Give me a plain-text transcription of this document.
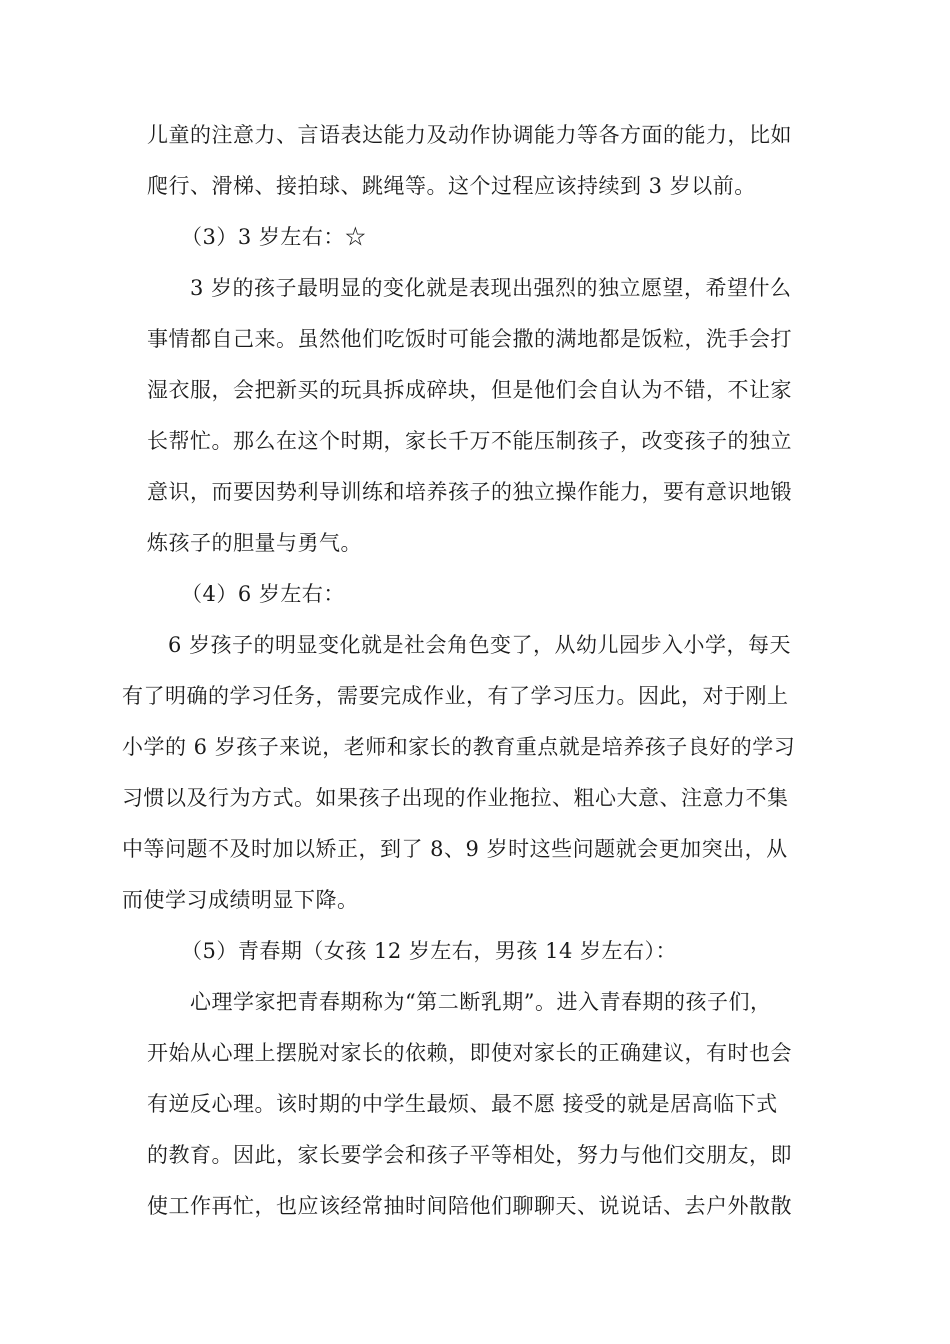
儿童的注意力、言语表达能力及动作协调能力等各方面的能力，比如
爬行、滑梯、接拍球、跳绳等。这个过程应该持续到 3 岁以前。
（3）3 岁左右：☆
3 岁的孩子最明显的变化就是表现出强烈的独立愿望，希望什么
事情都自己来。虽然他们吃饭时可能会撒的满地都是饭粒，洗手会打
湿衣服，会把新买的玩具拆成碎块，但是他们会自认为不错，不让家
长帮忙。那么在这个时期，家长千万不能压制孩子，改变孩子的独立
意识，而要因势利导训练和培养孩子的独立操作能力，要有意识地锻
炼孩子的胆量与勇气。
（4）6 岁左右：
6 岁孩子的明显变化就是社会角色变了，从幼儿园步入小学，每天
有了明确的学习任务，需要完成作业，有了学习压力。因此，对于刚上
小学的 6 岁孩子来说，老师和家长的教育重点就是培养孩子良好的学习
习惯以及行为方式。如果孩子出现的作业拖拉、粗心大意、注意力不集
中等问题不及时加以矫正，到了 8、9 岁时这些问题就会更加突出，从
而使学习成绩明显下降。
（5）青春期（女孩 12 岁左右，男孩 14 岁左右）：
心理学家把青春期称为“第二断乳期”。进入青春期的孩子们，
开始从心理上摆脱对家长的依赖，即使对家长的正确建议，有时也会
有逆反心理。该时期的中学生最烦、最不愿 接受的就是居高临下式
的教育。因此，家长要学会和孩子平等相处，努力与他们交朋友，即
使工作再忙，也应该经常抽时间陪他们聊聊天、说说话、去户外散散
